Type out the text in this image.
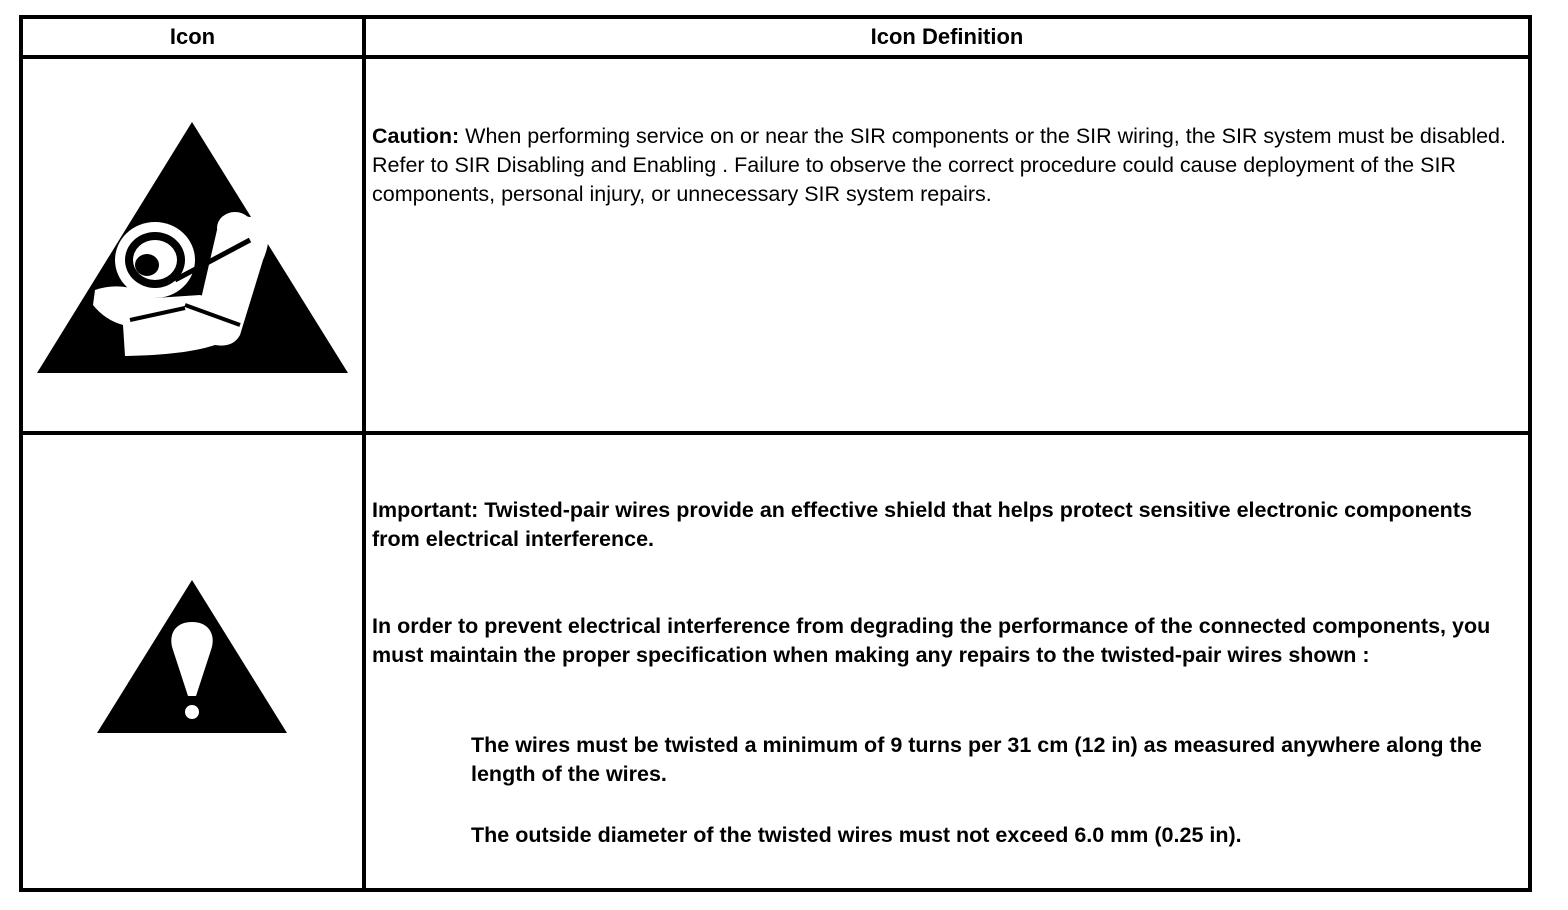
Icon	Icon Definition

Caution: When performing service on or near the SIR components or the SIR wiring, the SIR system must be disabled. Refer to SIR Disabling and Enabling . Failure to observe the correct procedure could cause deployment of the SIR components, personal injury, or unnecessary SIR system repairs.

Important: Twisted-pair wires provide an effective shield that helps protect sensitive electronic components from electrical interference.

In order to prevent electrical interference from degrading the performance of the connected components, you must maintain the proper specification when making any repairs to the twisted-pair wires shown :

The wires must be twisted a minimum of 9 turns per 31 cm (12 in) as measured anywhere along the length of the wires.

The outside diameter of the twisted wires must not exceed 6.0 mm (0.25 in).
